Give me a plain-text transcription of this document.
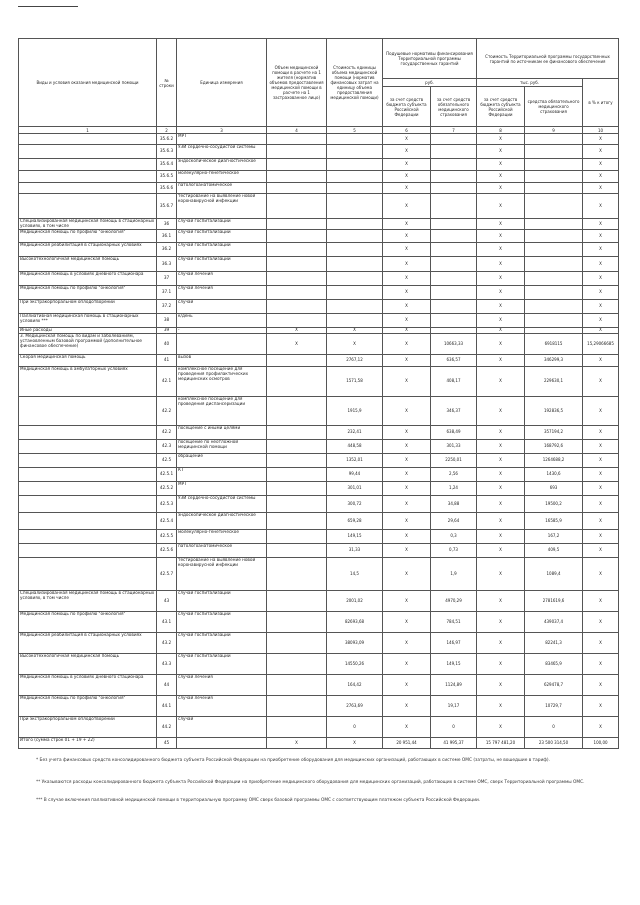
Виды и условия оказания медицинской помощи	№ строки	Единица измерения	Объем медицинской помощи в расчете на 1 жителя (норматив объемов предоставления медицинской помощи в расчете на 1 застрахованное лицо)	Стоимость единицы объема медицинской помощи (норматив финансовых затрат на единицу объема предоставления медицинской помощи)	Подушевые нормативы финансирования Территориальной программы государственных гарантий		Стоимость Территориальной программы государственных гарантий по источникам ее финансового обеспечения		
					руб.		тыс. руб.		в % к итогу
					за счет средств бюджета субъекта Российской Федерации	за счет средств обязательного медицинского страхования	за счет средств бюджета субъекта Российской Федерации	средства обязательного медицинского страхования	
1	2	3	4	5	6	7	8	9	10
	35.6.2	МРТ			X		X		X
	35.6.3	УЗИ сердечно-сосудистой системы			X		X		X
	35.6.4	эндоскопическое диагностическое			X		X		X
	35.6.5	молекулярно-генетическое			X		X		X
	35.6.6	патологоанатомическое			X		X		X
	35.6.7	тестирование на выявление новой коронавирусной инфекции			X		X		X
Специализированная медицинская помощь в стационарных условиях, в том числе	36	случай госпитализации			X		X		X
Медицинская помощь по профилю "онкология"	36.1	случай госпитализации			X		X		X
Медицинская реабилитация в стационарных условиях	36.2	случай госпитализации			X		X		X
Высокотехнологичная медицинская помощь	36.3	случай госпитализации			X		X		X
Медицинская помощь в условиях дневного стационара	37	случай лечения			X		X		X
Медицинская помощь по профилю "онкология"	37.1	случай лечения			X		X		X
При экстракорпоральном оплодотворении	37.2	случай			X		X		X
Паллиативная медицинская помощь в стационарных условиях ***	38	к/день			X		X		X
Иные расходы	39	-	X	X	X		X		X
3. Медицинская помощь по видам и заболеваниям, установленным базовой программой (дополнительное финансовое обеспечение)	40		X	X	X	10663,33	X	6918115	15,29066685
Скорая медицинская помощь	41	вызов		2767,12	X	636,57	X	346299,3	X
Медицинская помощь в амбулаторных условиях	42.1	комплексное посещение для проведения профилактических медицинских осмотров		1571,58	X	408,17	X	229630,1	X
	42.2	комплексное посещение для проведения диспансеризации		1915,9	X	346,37	X	192836,5	X
	42.2	посещение с иными целями		232,41	X	638,49	X	357194,2	X
	42.3	посещение по неотложной медицинской помощи		448,58	X	301,33	X	168792,6	X
	42.5	обращение		1352,01	X	2250,01	X	1264688,2	X
	42.5.1	КТ		99,44	X	2,56	X	1430,6	X
	42.5.2	МРТ		301,01	X	1,24	X	693	X
	42.5.3	УЗИ сердечно-сосудистой системы		300,72	X	34,88	X	19500,2	X
	42.5.4	эндоскопическое диагностическое		659,28	X	29,64	X	16585,9	X
	42.5.5	молекулярно-генетическое		149,15	X	0,3	X	167,2	X
	42.5.6	патологоанатомическое		31,33	X	0,73	X	409,5	X
	42.5.7	тестирование на выявление новой коронавирусной инфекции		14,5	X	1,9	X	1089,4	X
Специализированная медицинская помощь в стационарных условиях, в том числе	43	случай госпитализации		2001,02	X	4970,29	X	2781619,6	X
Медицинская помощь по профилю "онкология"	43.1	случай госпитализации		82693,68	X	784,51	X	439037,4	X
Медицинская реабилитация в стационарных условиях	43.2	случай госпитализации		38093,09	X	146,97	X	82241,3	X
Высокотехнологичная медицинская помощь	43.3	случай госпитализации		14550,26	X	149,15	X	83465,9	X
Медицинская помощь в условиях дневного стационара	44	случай лечения		164,42	X	1124,89	X	629478,7	X
Медицинская помощь по профилю "онкология"	44.1	случай лечения		2763,69	X	19,17	X	10729,7	X
При экстракорпоральном оплодотворении	44.2	случай		0	X	0	X	0	X
Итого (сумма строк 01 + 19 + 22)	45		X	X	20 951,44	41 995,37	15 797 481,20	23 500 314,50	100,00
* Без учета финансовых средств консолидированного бюджета субъекта Российской Федерации на приобретение оборудования для медицинских организаций, работающих в системе ОМС (затраты, не вошедшие в тариф).
** Указываются расходы консолидированного бюджета субъекта Российской Федерации на приобретение медицинского оборудования для медицинских организаций, работающих в системе ОМС, сверх Территориальной программы ОМС.
*** В случае включения паллиативной медицинской помощи в территориальную программу ОМС сверх базовой программы ОМС с соответствующим платежом субъекта Российской Федерации.
